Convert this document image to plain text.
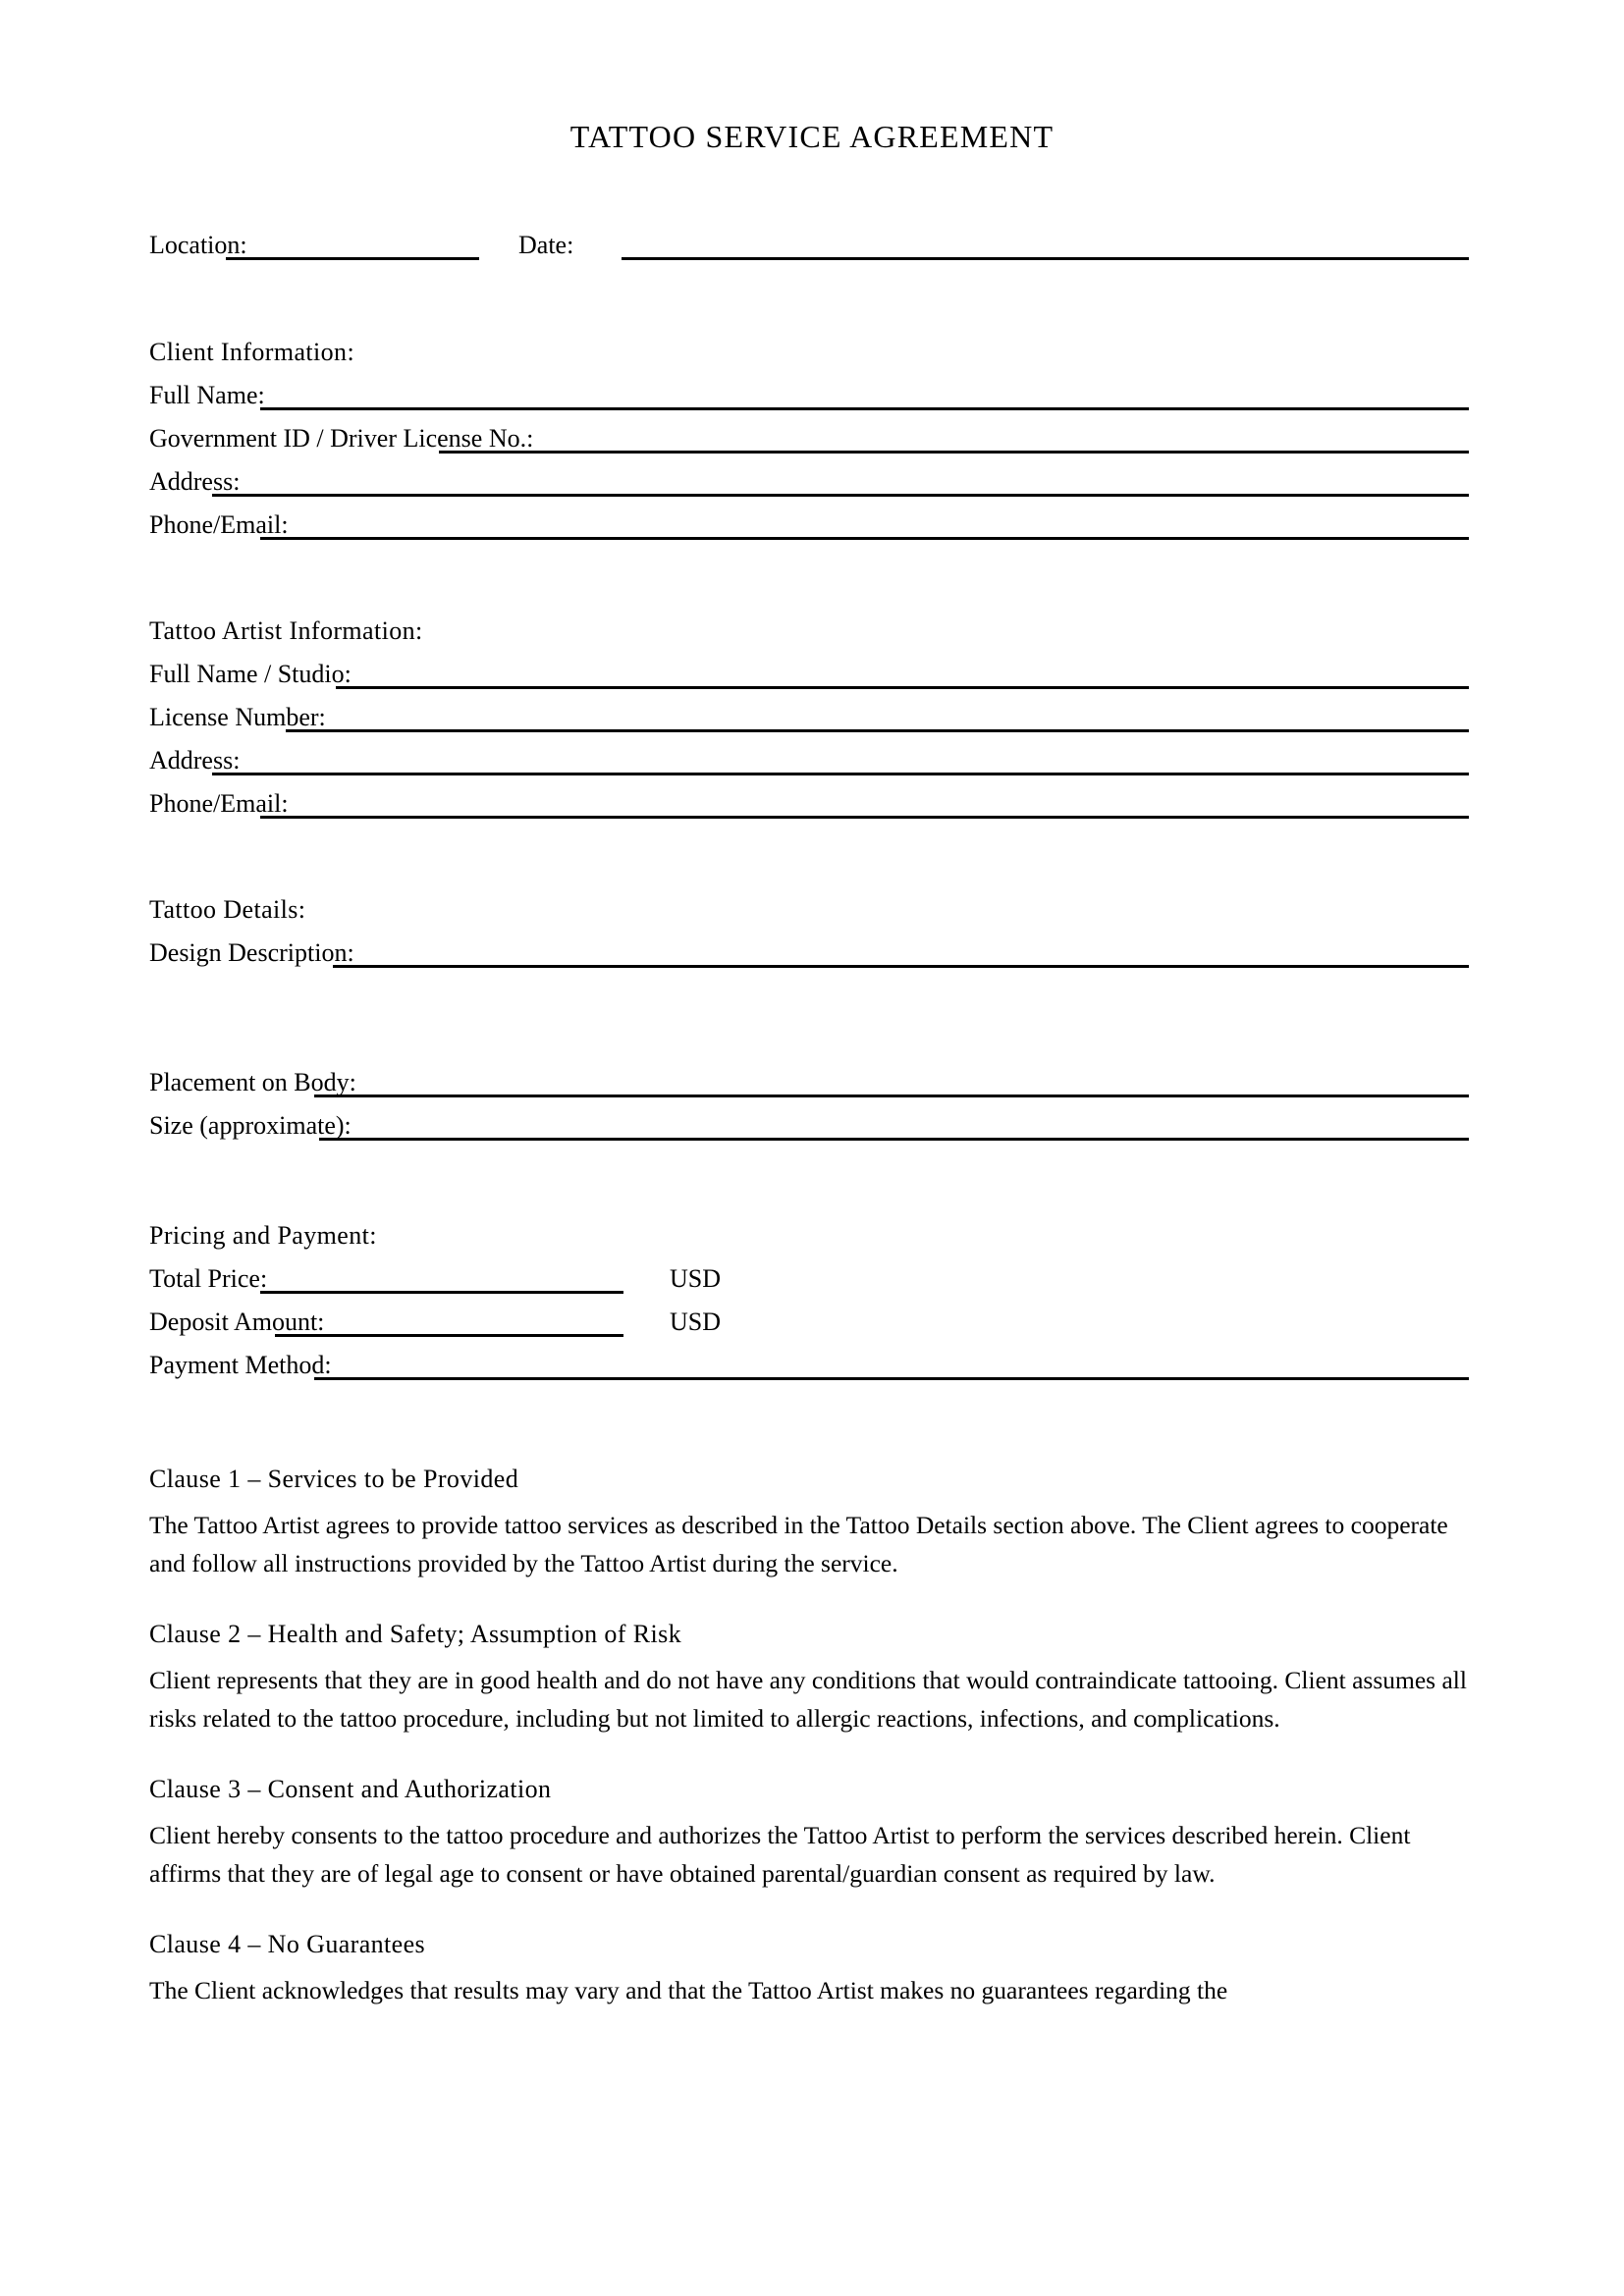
TATTOO SERVICE AGREEMENT
Location:	Date:
Client Information:
Full Name:
Government ID / Driver License No.:
Address:
Phone/Email:
Tattoo Artist Information:
Full Name / Studio:
License Number:
Address:
Phone/Email:
Tattoo Details:
Design Description:
Placement on Body:
Size (approximate):
Pricing and Payment:
Total Price:	USD
Deposit Amount:	USD
Payment Method:

Clause 1 – Services to be Provided

The Tattoo Artist agrees to provide tattoo services as described in the Tattoo Details section above. The Client agrees to cooperate and follow all instructions provided by the Tattoo Artist during the service.

Clause 2 – Health and Safety; Assumption of Risk

Client represents that they are in good health and do not have any conditions that would contraindicate tattooing. Client assumes all risks related to the tattoo procedure, including but not limited to allergic reactions, infections, and complications.

Clause 3 – Consent and Authorization

Client hereby consents to the tattoo procedure and authorizes the Tattoo Artist to perform the services described herein. Client affirms that they are of legal age to consent or have obtained parental/guardian consent as required by law.

Clause 4 – No Guarantees

The Client acknowledges that results may vary and that the Tattoo Artist makes no guarantees regarding the
